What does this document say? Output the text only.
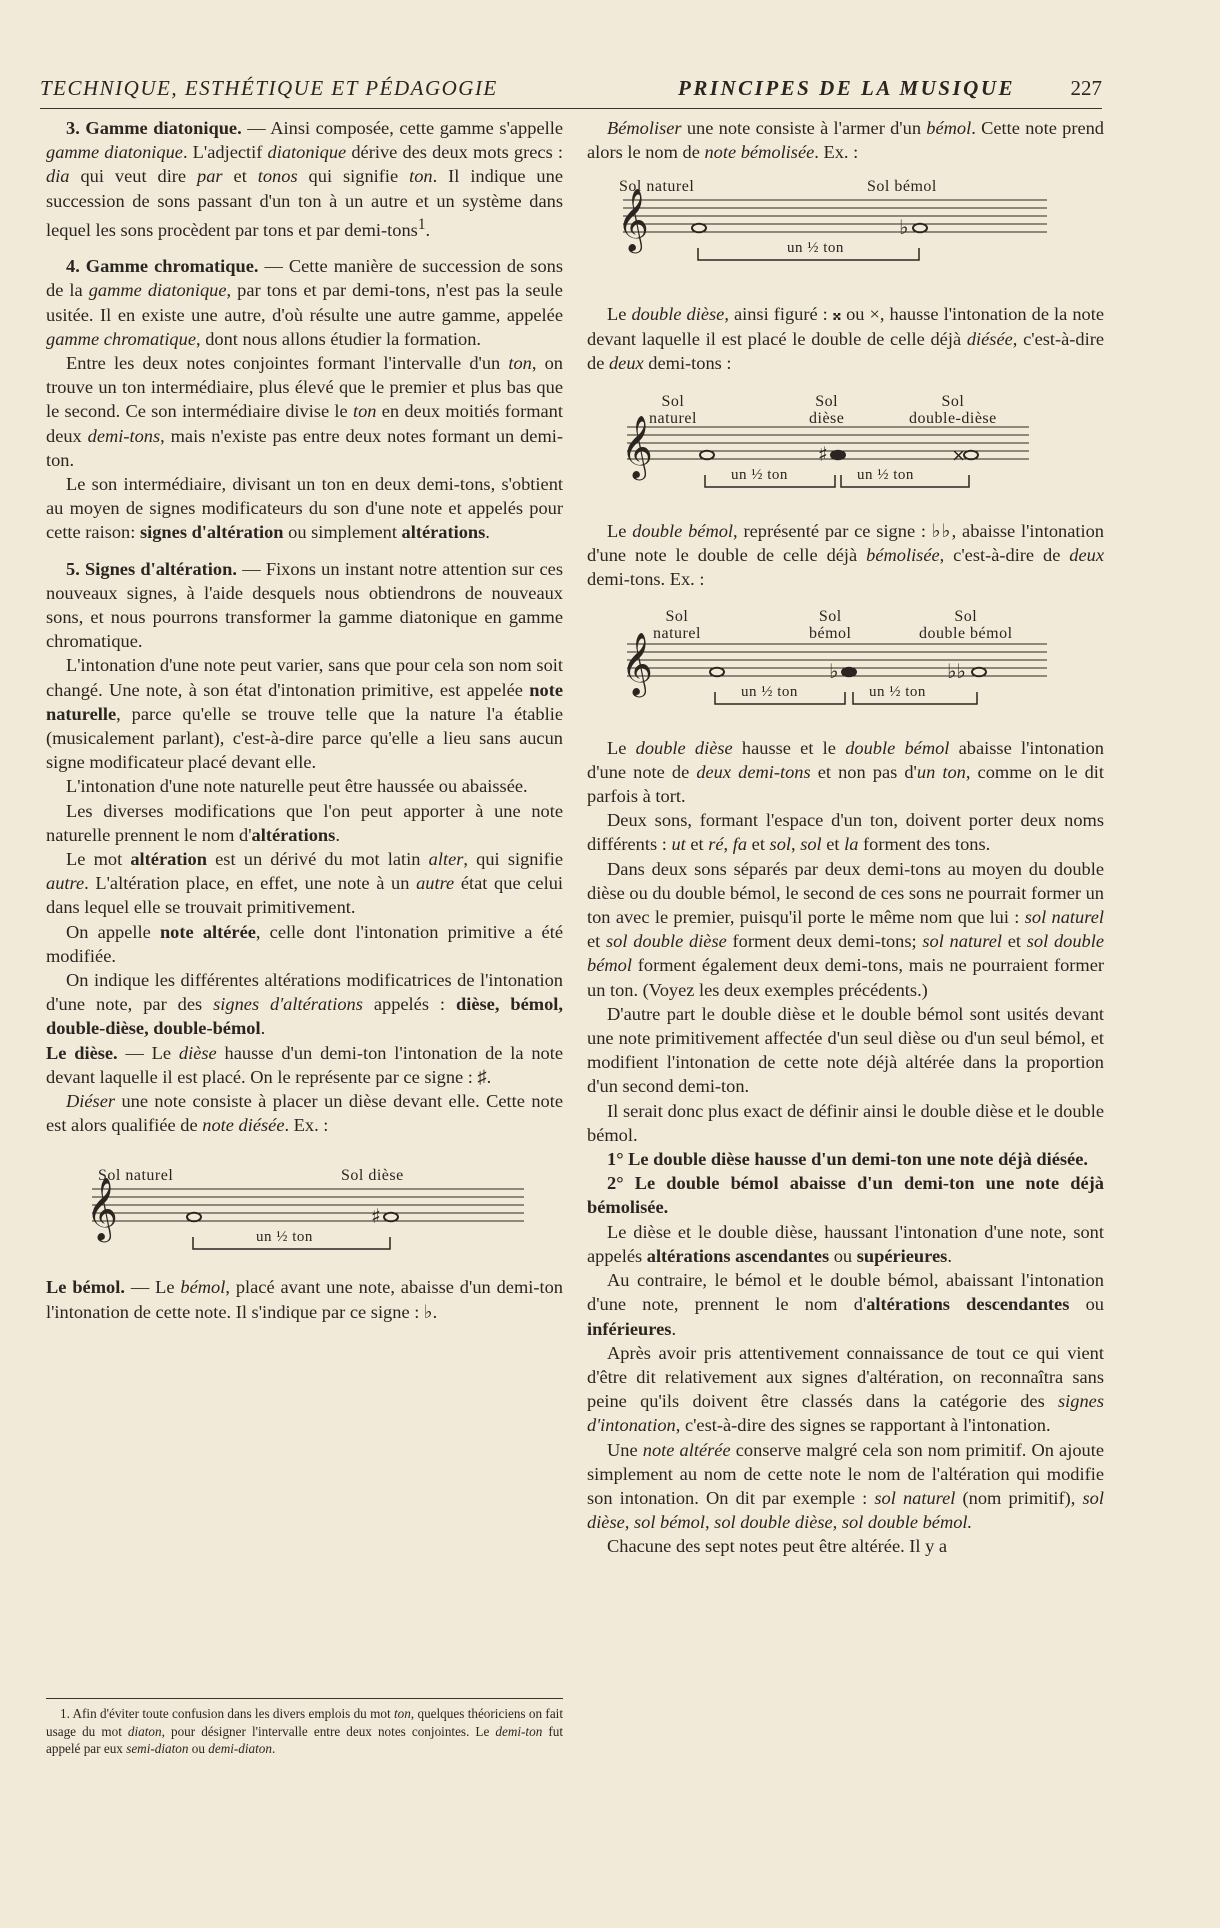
TECHNIQUE, ESTHÉTIQUE ET PÉDAGOGIE	PRINCIPES DE LA MUSIQUE	227

3. Gamme diatonique. — Ainsi composée, cette gamme s'appelle gamme diatonique. L'adjectif diatonique dérive des deux mots grecs : dia qui veut dire par et tonos qui signifie ton. Il indique une succession de sons passant d'un ton à un autre et un système dans lequel les sons procèdent par tons et par demi-tons$^1$.

4. Gamme chromatique. — Cette manière de succession de sons de la gamme diatonique, par tons et par demi-tons, n'est pas la seule usitée. Il en existe une autre, d'où résulte une autre gamme, appelée gamme chromatique, dont nous allons étudier la formation.

Entre les deux notes conjointes formant l'intervalle d'un ton, on trouve un ton intermédiaire, plus élevé que le premier et plus bas que le second. Ce son intermédiaire divise le ton en deux moitiés formant deux demi-tons, mais n'existe pas entre deux notes formant un demi-ton.

Le son intermédiaire, divisant un ton en deux demi-tons, s'obtient au moyen de signes modificateurs du son d'une note et appelés pour cette raison: signes d'altération ou simplement altérations.

5. Signes d'altération. — Fixons un instant notre attention sur ces nouveaux signes, à l'aide desquels nous obtiendrons de nouveaux sons, et nous pourrons transformer la gamme diatonique en gamme chromatique.

L'intonation d'une note peut varier, sans que pour cela son nom soit changé. Une note, à son état d'intonation primitive, est appelée note naturelle, parce qu'elle se trouve telle que la nature l'a établie (musicalement parlant), c'est-à-dire parce qu'elle a lieu sans aucun signe modificateur placé devant elle.

L'intonation d'une note naturelle peut être haussée ou abaissée.

Les diverses modifications que l'on peut apporter à une note naturelle prennent le nom d'altérations.

Le mot altération est un dérivé du mot latin alter, qui signifie autre. L'altération place, en effet, une note à un autre état que celui dans lequel elle se trouvait primitivement.

On appelle note altérée, celle dont l'intonation primitive a été modifiée.

On indique les différentes altérations modificatrices de l'intonation d'une note, par des signes d'altérations appelés : dièse, bémol, double-dièse, double-bémol.

Le dièse. — Le dièse hausse d'un demi-ton l'intonation de la note devant laquelle il est placé. On le représente par ce signe : ♯.

Diéser une note consiste à placer un dièse devant elle. Cette note est alors qualifiée de note diésée. Ex. :

Sol naturel	Sol dièse
𝄞	♯
un ½ ton

Le bémol. — Le bémol, placé avant une note, abaisse d'un demi-ton l'intonation de cette note. Il s'indique par ce signe : ♭.

Bémoliser une note consiste à l'armer d'un bémol. Cette note prend alors le nom de note bémolisée. Ex. :

Sol naturel	Sol bémol
𝄞	♭
un ½ ton

Le double dièse, ainsi figuré : 𝄪 ou ×, hausse l'intonation de la note devant laquelle il est placé le double de celle déjà diésée, c'est-à-dire de deux demi-tons :

Sol
naturel
Sol
dièse
Sol
double-dièse
𝄞	♯	×
un ½ ton	un ½ ton

Le double bémol, représenté par ce signe : ♭♭, abaisse l'intonation d'une note le double de celle déjà bémolisée, c'est-à-dire de deux demi-tons. Ex. :

Sol
naturel
Sol
bémol
Sol
double bémol
𝄞	♭	♭♭
un ½ ton	un ½ ton

Le double dièse hausse et le double bémol abaisse l'intonation d'une note de deux demi-tons et non pas d'un ton, comme on le dit parfois à tort.

Deux sons, formant l'espace d'un ton, doivent porter deux noms différents : ut et ré, fa et sol, sol et la forment des tons.

Dans deux sons séparés par deux demi-tons au moyen du double dièse ou du double bémol, le second de ces sons ne pourrait former un ton avec le premier, puisqu'il porte le même nom que lui : sol naturel et sol double dièse forment deux demi-tons; sol naturel et sol double bémol forment également deux demi-tons, mais ne pourraient former un ton. (Voyez les deux exemples précédents.)

D'autre part le double dièse et le double bémol sont usités devant une note primitivement affectée d'un seul dièse ou d'un seul bémol, et modifient l'intonation de cette note déjà altérée dans la proportion d'un second demi-ton.

Il serait donc plus exact de définir ainsi le double dièse et le double bémol.

1° Le double dièse hausse d'un demi-ton une note déjà diésée.

2° Le double bémol abaisse d'un demi-ton une note déjà bémolisée.

Le dièse et le double dièse, haussant l'intonation d'une note, sont appelés altérations ascendantes ou supérieures.

Au contraire, le bémol et le double bémol, abaissant l'intonation d'une note, prennent le nom d'altérations descendantes ou inférieures.

Après avoir pris attentivement connaissance de tout ce qui vient d'être dit relativement aux signes d'altération, on reconnaîtra sans peine qu'ils doivent être classés dans la catégorie des signes d'intonation, c'est-à-dire des signes se rapportant à l'intonation.

Une note altérée conserve malgré cela son nom primitif. On ajoute simplement au nom de cette note le nom de l'altération qui modifie son intonation. On dit par exemple : sol naturel (nom primitif), sol dièse, sol bémol, sol double dièse, sol double bémol.

Chacune des sept notes peut être altérée. Il y a

1. Afin d'éviter toute confusion dans les divers emplois du mot ton, quelques théoriciens on fait usage du mot diaton, pour désigner l'intervalle entre deux notes conjointes. Le demi-ton fut appelé par eux semi-diaton ou demi-diaton.
